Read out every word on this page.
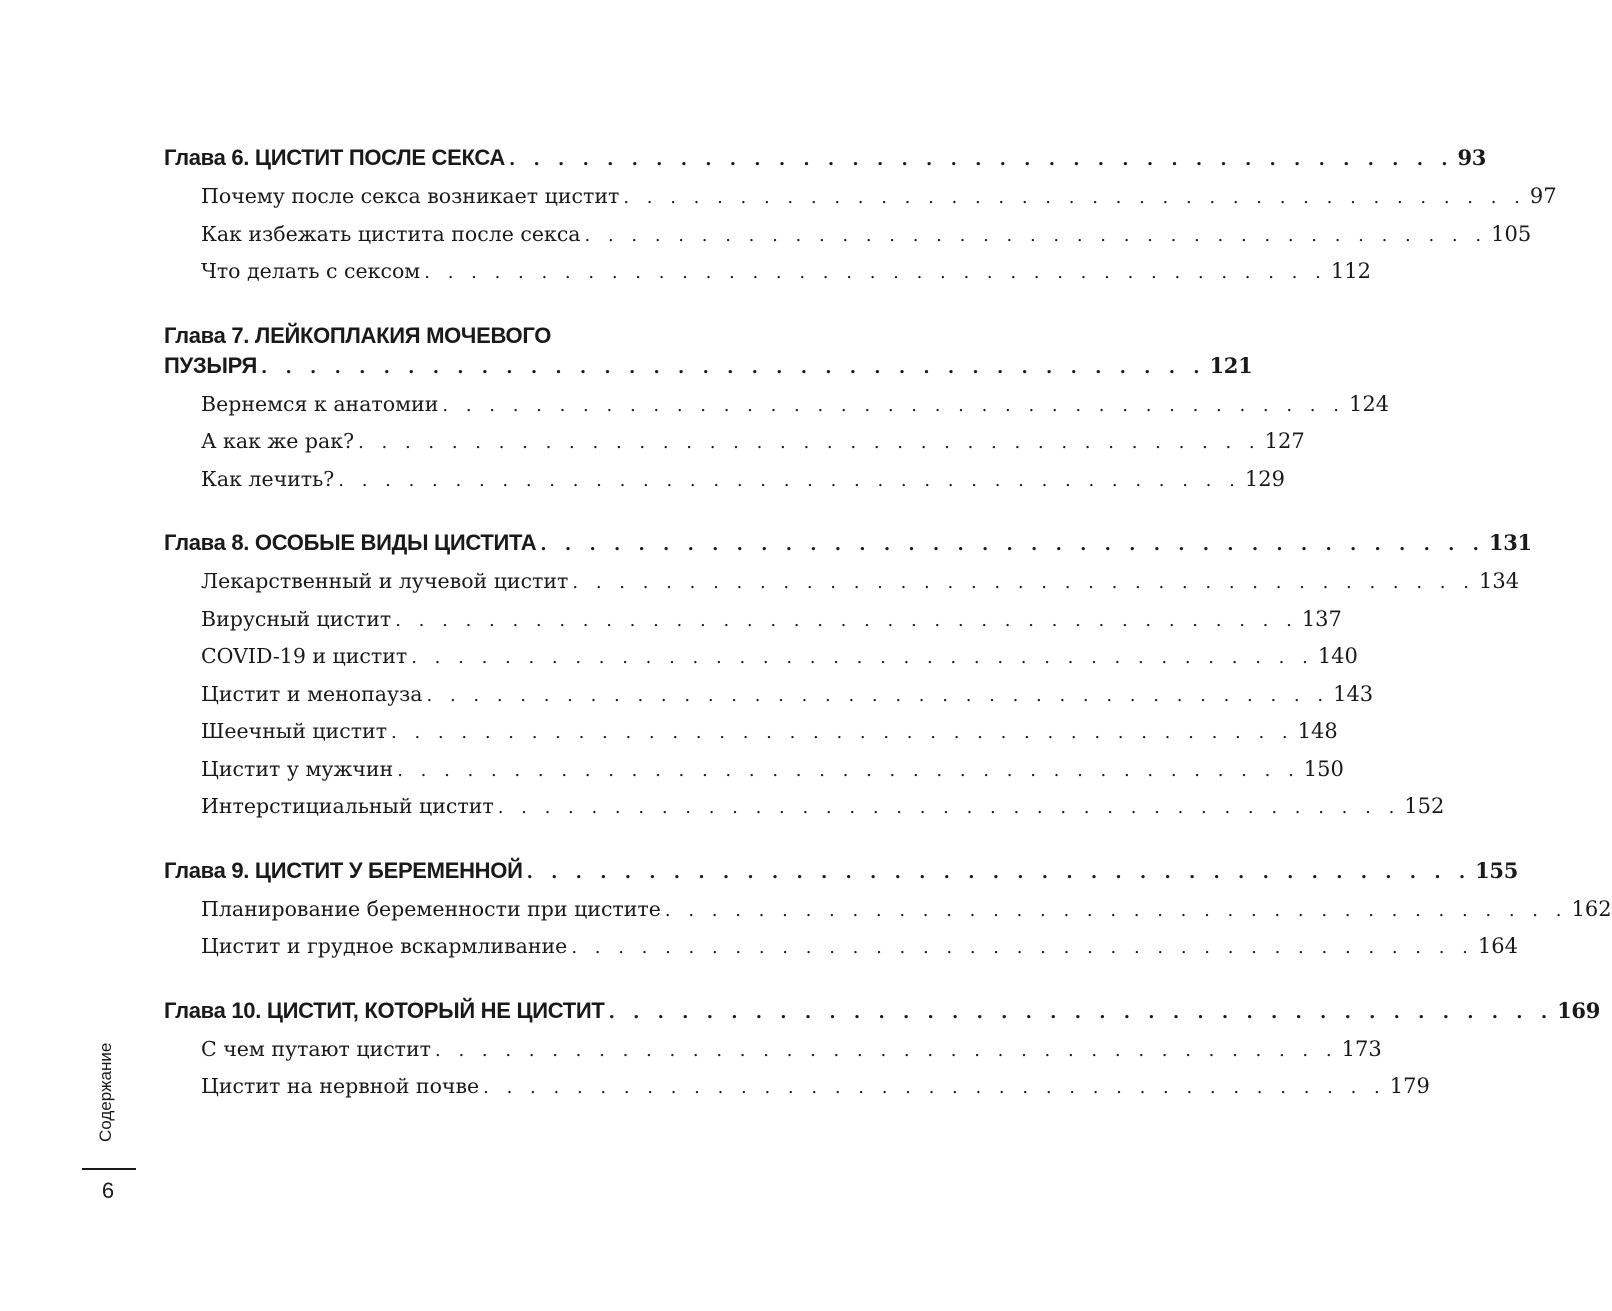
Глава 6. ЦИСТИТ ПОСЛЕ СЕКСА . . . . . . . . . . . . . . . . . . . . . . . . . . . . . . . . . . . . . . . 93
Почему после секса возникает цистит . . . . . . . . . . . . . . . . . . . . . . . . . . . . . . . . . . . . . . . 97
Как избежать цистита после секса . . . . . . . . . . . . . . . . . . . . . . . . . . . . . . . . . . . . . . . 105
Что делать с сексом . . . . . . . . . . . . . . . . . . . . . . . . . . . . . . . . . . . . . . . 112
Глава 7. ЛЕЙКОПЛАКИЯ МОЧЕВОГО
ПУЗЫРЯ . . . . . . . . . . . . . . . . . . . . . . . . . . . . . . . . . . . . . . . 121
Вернемся к анатомии . . . . . . . . . . . . . . . . . . . . . . . . . . . . . . . . . . . . . . . 124
А как же рак? . . . . . . . . . . . . . . . . . . . . . . . . . . . . . . . . . . . . . . . 127
Как лечить? . . . . . . . . . . . . . . . . . . . . . . . . . . . . . . . . . . . . . . . 129
Глава 8. ОСОБЫЕ ВИДЫ ЦИСТИТА . . . . . . . . . . . . . . . . . . . . . . . . . . . . . . . . . . . . . . . 131
Лекарственный и лучевой цистит . . . . . . . . . . . . . . . . . . . . . . . . . . . . . . . . . . . . . . . 134
Вирусный цистит . . . . . . . . . . . . . . . . . . . . . . . . . . . . . . . . . . . . . . . 137
COVID-19 и цистит . . . . . . . . . . . . . . . . . . . . . . . . . . . . . . . . . . . . . . . 140
Цистит и менопауза . . . . . . . . . . . . . . . . . . . . . . . . . . . . . . . . . . . . . . . 143
Шеечный цистит . . . . . . . . . . . . . . . . . . . . . . . . . . . . . . . . . . . . . . . 148
Цистит у мужчин . . . . . . . . . . . . . . . . . . . . . . . . . . . . . . . . . . . . . . . 150
Интерстициальный цистит . . . . . . . . . . . . . . . . . . . . . . . . . . . . . . . . . . . . . . . 152
Глава 9. ЦИСТИТ У БЕРЕМЕННОЙ . . . . . . . . . . . . . . . . . . . . . . . . . . . . . . . . . . . . . . . 155
Планирование беременности при цистите . . . . . . . . . . . . . . . . . . . . . . . . . . . . . . . . . . . . . . . 162
Цистит и грудное вскармливание . . . . . . . . . . . . . . . . . . . . . . . . . . . . . . . . . . . . . . . 164
Глава 10. ЦИСТИТ, КОТОРЫЙ НЕ ЦИСТИТ . . . . . . . . . . . . . . . . . . . . . . . . . . . . . . . . . . . . . . . 169
С чем путают цистит . . . . . . . . . . . . . . . . . . . . . . . . . . . . . . . . . . . . . . . 173
Цистит на нервной почве . . . . . . . . . . . . . . . . . . . . . . . . . . . . . . . . . . . . . . . 179
Содержание
6
